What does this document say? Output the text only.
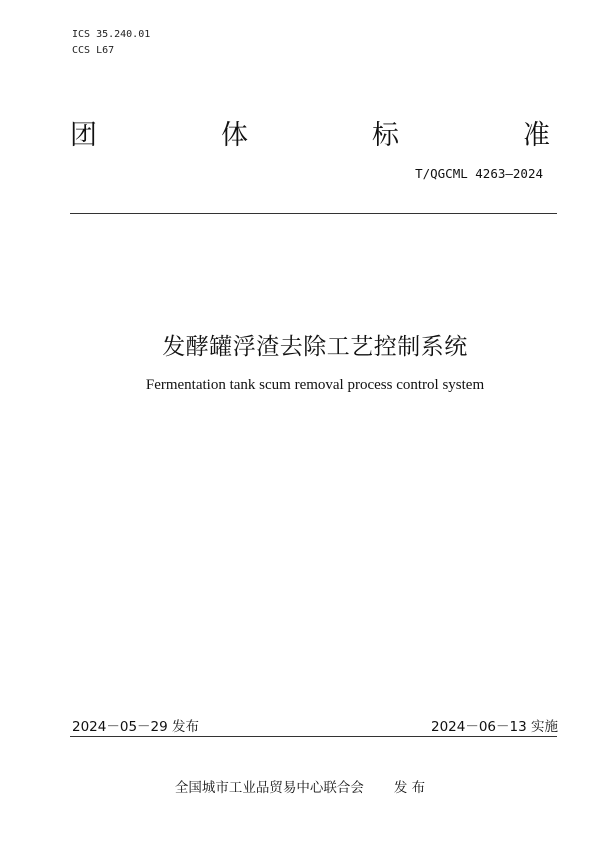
ICS 35.240.01
CCS L67
团	体	标	准
T/QGCML 4263—2024
发酵罐浮渣去除工艺控制系统
Fermentation tank scum removal process control system
2024－05－29 发布	2024－06－13 实施
全国城市工业品贸易中心联合会 发 布
